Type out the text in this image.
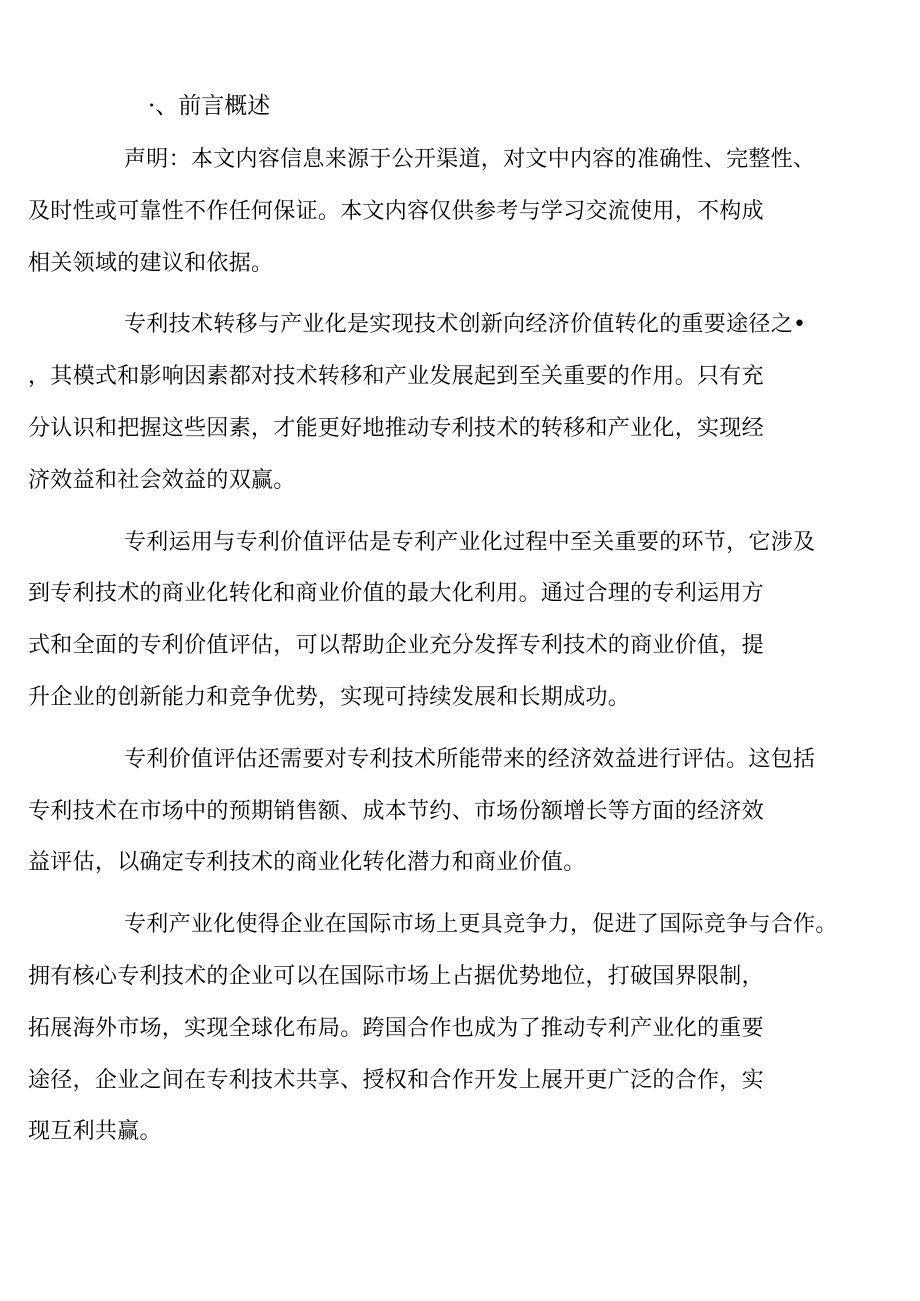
·、前言概述

声明：本文内容信息来源于公开渠道，对文中内容的准确性、完整性、
及时性或可靠性不作任何保证。本文内容仅供参考与学习交流使用，不构成
相关领域的建议和依据。

专利技术转移与产业化是实现技术创新向经济价值转化的重要途径之•
，其模式和影响因素都对技术转移和产业发展起到至关重要的作用。只有充
分认识和把握这些因素，才能更好地推动专利技术的转移和产业化，实现经
济效益和社会效益的双赢。

专利运用与专利价值评估是专利产业化过程中至关重要的环节，它涉及
到专利技术的商业化转化和商业价值的最大化利用。通过合理的专利运用方
式和全面的专利价值评估，可以帮助企业充分发挥专利技术的商业价值，提
升企业的创新能力和竞争优势，实现可持续发展和长期成功。

专利价值评估还需要对专利技术所能带来的经济效益进行评估。这包括
专利技术在市场中的预期销售额、成本节约、市场份额增长等方面的经济效
益评估，以确定专利技术的商业化转化潜力和商业价值。

专利产业化使得企业在国际市场上更具竞争力，促进了国际竞争与合作。
拥有核心专利技术的企业可以在国际市场上占据优势地位，打破国界限制，
拓展海外市场，实现全球化布局。跨国合作也成为了推动专利产业化的重要
途径，企业之间在专利技术共享、授权和合作开发上展开更广泛的合作，实
现互利共赢。
